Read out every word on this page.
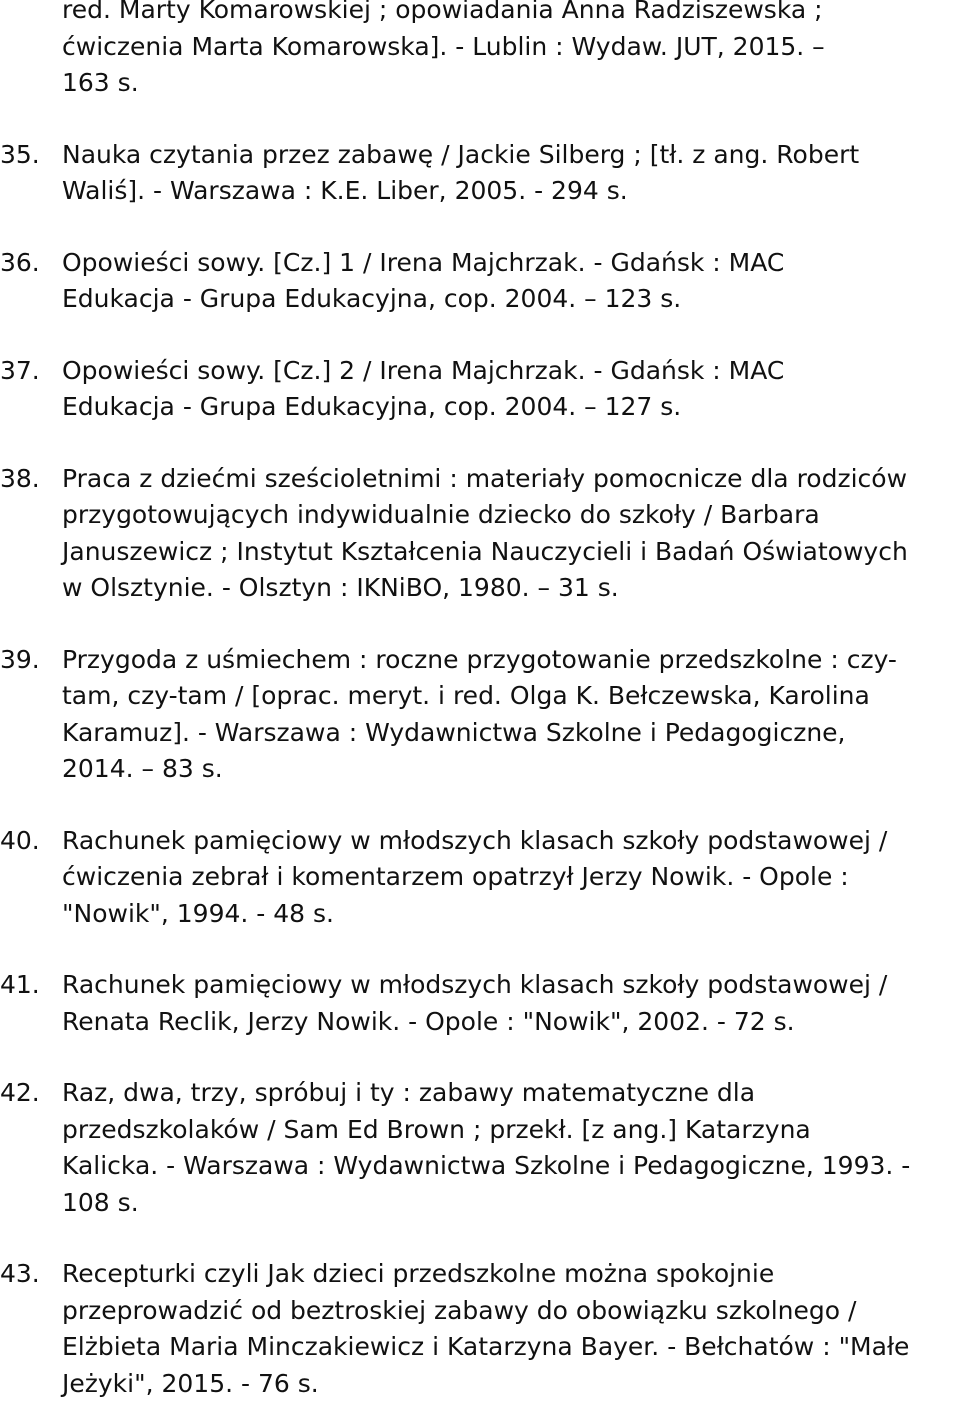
red. Marty Komarowskiej ; opowiadania Anna Radziszewska ;
ćwiczenia Marta Komarowska]. - Lublin : Wydaw. JUT, 2015. –
163 s.
35. Nauka czytania przez zabawę / Jackie Silberg ; [tł. z ang. Robert
Waliś]. - Warszawa : K.E. Liber, 2005. - 294 s.
36. Opowieści sowy. [Cz.] 1 / Irena Majchrzak. - Gdańsk : MAC
Edukacja - Grupa Edukacyjna, cop. 2004. – 123 s.
37. Opowieści sowy. [Cz.] 2 / Irena Majchrzak. - Gdańsk : MAC
Edukacja - Grupa Edukacyjna, cop. 2004. – 127 s.
38. Praca z dziećmi sześcioletnimi : materiały pomocnicze dla rodziców
przygotowujących indywidualnie dziecko do szkoły / Barbara
Januszewicz ; Instytut Kształcenia Nauczycieli i Badań Oświatowych
w Olsztynie. - Olsztyn : IKNiBO, 1980. – 31 s.
39. Przygoda z uśmiechem : roczne przygotowanie przedszkolne : czy-
tam, czy-tam / [oprac. meryt. i red. Olga K. Bełczewska, Karolina
Karamuz]. - Warszawa : Wydawnictwa Szkolne i Pedagogiczne,
2014. – 83 s.
40. Rachunek pamięciowy w młodszych klasach szkoły podstawowej /
ćwiczenia zebrał i komentarzem opatrzył Jerzy Nowik. - Opole :
"Nowik", 1994. - 48 s.
41. Rachunek pamięciowy w młodszych klasach szkoły podstawowej /
Renata Reclik, Jerzy Nowik. - Opole : "Nowik", 2002. - 72 s.
42. Raz, dwa, trzy, spróbuj i ty : zabawy matematyczne dla
przedszkolaków / Sam Ed Brown ; przekł. [z ang.] Katarzyna
Kalicka. - Warszawa : Wydawnictwa Szkolne i Pedagogiczne, 1993. -
108 s.
43. Recepturki czyli Jak dzieci przedszkolne można spokojnie
przeprowadzić od beztroskiej zabawy do obowiązku szkolnego /
Elżbieta Maria Minczakiewicz i Katarzyna Bayer. - Bełchatów : "Małe
Jeżyki", 2015. - 76 s.
